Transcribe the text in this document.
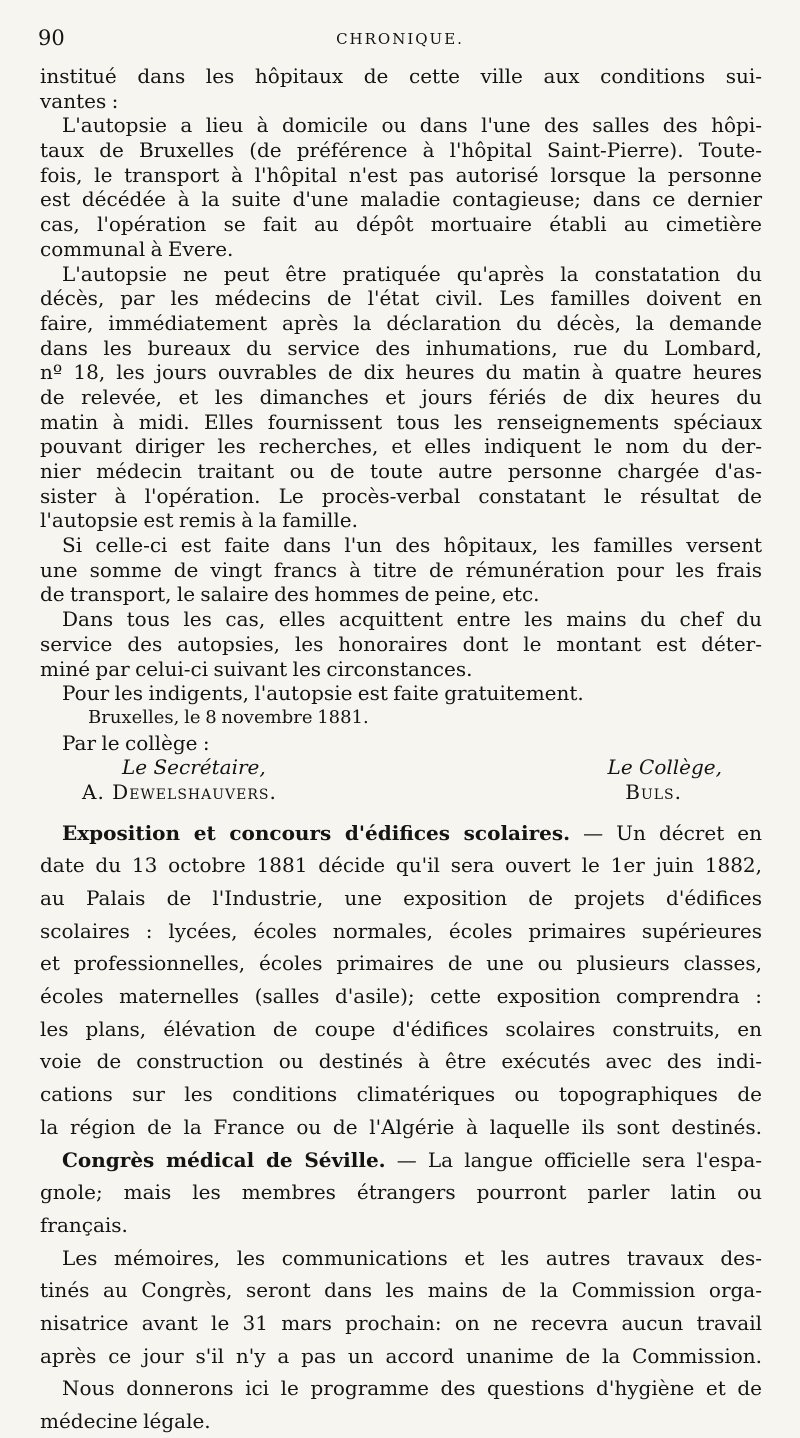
90	CHRONIQUE.
institué dans les hôpitaux de cette ville aux conditions sui-
vantes :
L'autopsie a lieu à domicile ou dans l'une des salles des hôpi-
taux de Bruxelles (de préférence à l'hôpital Saint-Pierre). Toute-
fois, le transport à l'hôpital n'est pas autorisé lorsque la personne
est décédée à la suite d'une maladie contagieuse; dans ce dernier
cas, l'opération se fait au dépôt mortuaire établi au cimetière
communal à Evere.
L'autopsie ne peut être pratiquée qu'après la constatation du
décès, par les médecins de l'état civil. Les familles doivent en
faire, immédiatement après la déclaration du décès, la demande
dans les bureaux du service des inhumations, rue du Lombard,
nº 18, les jours ouvrables de dix heures du matin à quatre heures
de relevée, et les dimanches et jours fériés de dix heures du
matin à midi. Elles fournissent tous les renseignements spéciaux
pouvant diriger les recherches, et elles indiquent le nom du der-
nier médecin traitant ou de toute autre personne chargée d'as-
sister à l'opération. Le procès-verbal constatant le résultat de
l'autopsie est remis à la famille.
Si celle-ci est faite dans l'un des hôpitaux, les familles versent
une somme de vingt francs à titre de rémunération pour les frais
de transport, le salaire des hommes de peine, etc.
Dans tous les cas, elles acquittent entre les mains du chef du
service des autopsies, les honoraires dont le montant est déter-
miné par celui-ci suivant les circonstances.
Pour les indigents, l'autopsie est faite gratuitement.
Bruxelles, le 8 novembre 1881.
Par le collège :
Le Secrétaire,	Le Collège,
A. Dewelshauvers.	Buls.
Exposition et concours d'édifices scolaires. — Un décret en
date du 13 octobre 1881 décide qu'il sera ouvert le 1er juin 1882,
au Palais de l'Industrie, une exposition de projets d'édifices
scolaires : lycées, écoles normales, écoles primaires supérieures
et professionnelles, écoles primaires de une ou plusieurs classes,
écoles maternelles (salles d'asile); cette exposition comprendra :
les plans, élévation de coupe d'édifices scolaires construits, en
voie de construction ou destinés à être exécutés avec des indi-
cations sur les conditions climatériques ou topographiques de
la région de la France ou de l'Algérie à laquelle ils sont destinés.
Congrès médical de Séville. — La langue officielle sera l'espa-
gnole; mais les membres étrangers pourront parler latin ou
français.
Les mémoires, les communications et les autres travaux des-
tinés au Congrès, seront dans les mains de la Commission orga-
nisatrice avant le 31 mars prochain: on ne recevra aucun travail
après ce jour s'il n'y a pas un accord unanime de la Commission.
Nous donnerons ici le programme des questions d'hygiène et de
médecine légale.
